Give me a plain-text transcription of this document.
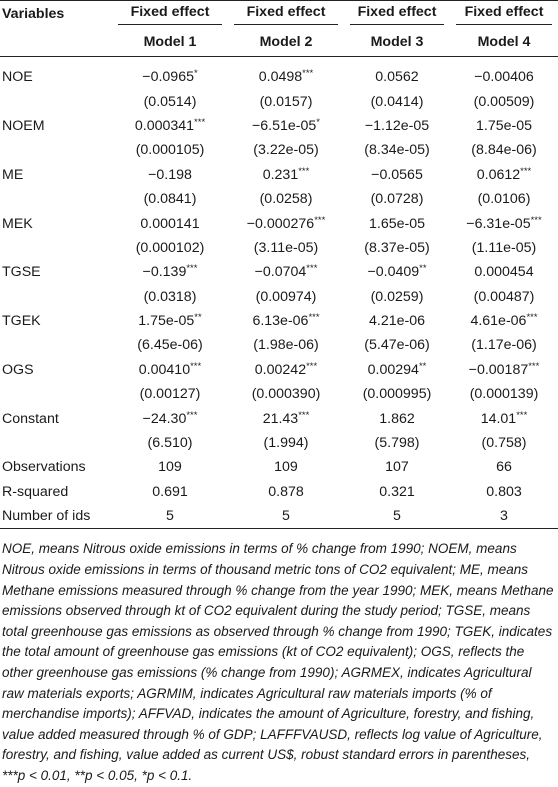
Variables	Fixed effect	Fixed effect	Fixed effect	Fixed effect

	Model 1	Model 2	Model 3	Model 4
NOE	−0.0965*	0.0498***	0.0562	−0.00406
	(0.0514)	(0.0157)	(0.0414)	(0.00509)
NOEM	0.000341***	−6.51e-05*	−1.12e-05	1.75e-05
	(0.000105)	(3.22e-05)	(8.34e-05)	(8.84e-06)
ME	−0.198	0.231***	−0.0565	0.0612***
	(0.0841)	(0.0258)	(0.0728)	(0.0106)
MEK	0.000141	−0.000276***	1.65e-05	−6.31e-05***
	(0.000102)	(3.11e-05)	(8.37e-05)	(1.11e-05)
TGSE	−0.139***	−0.0704***	−0.0409**	0.000454
	(0.0318)	(0.00974)	(0.0259)	(0.00487)
TGEK	1.75e-05**	6.13e-06***	4.21e-06	4.61e-06***
	(6.45e-06)	(1.98e-06)	(5.47e-06)	(1.17e-06)
OGS	0.00410***	0.00242***	0.00294**	−0.00187***
	(0.00127)	(0.000390)	(0.000995)	(0.000139)
Constant	−24.30***	21.43***	1.862	14.01***
	(6.510)	(1.994)	(5.798)	(0.758)
Observations	109	109	107	66
R-squared	0.691	0.878	0.321	0.803
Number of ids	5	5	5	3

NOE, means Nitrous oxide emissions in terms of % change from 1990; NOEM, means Nitrous oxide emissions in terms of thousand metric tons of CO2 equivalent; ME, means Methane emissions measured through % change from the year 1990; MEK, means Methane emissions observed through kt of CO2 equivalent during the study period; TGSE, means total greenhouse gas emissions as observed through % change from 1990; TGEK, indicates the total amount of greenhouse gas emissions (kt of CO2 equivalent); OGS, reflects the other greenhouse gas emissions (% change from 1990); AGRMEX, indicates Agricultural raw materials exports; AGRMIM, indicates Agricultural raw materials imports (% of merchandise imports); AFFVAD, indicates the amount of Agriculture, forestry, and fishing, value added measured through % of GDP; LAFFFVAUSD, reflects log value of Agriculture, forestry, and fishing, value added as current US$, robust standard errors in parentheses, ***p < 0.01, **p < 0.05, *p < 0.1.
